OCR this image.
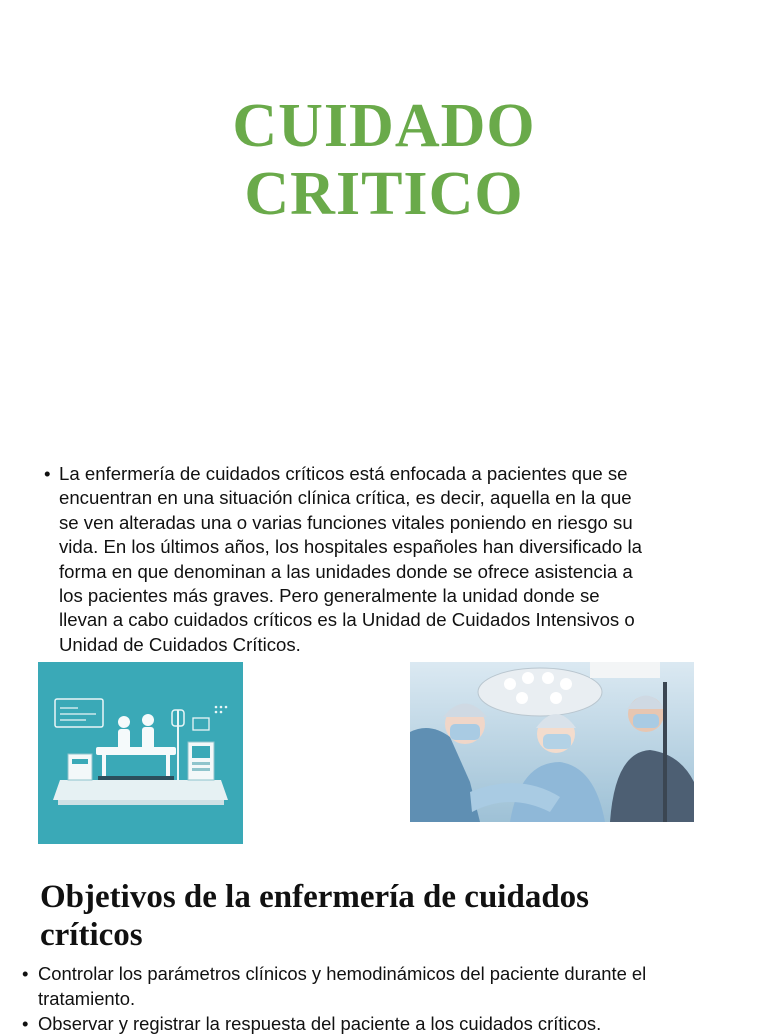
CUIDADO
CRITICO
• La enfermería de cuidados críticos está enfocada a pacientes que se
encuentran en una situación clínica crítica, es decir, aquella en la que
se ven alteradas una o varias funciones vitales poniendo en riesgo su
vida. En los últimos años, los hospitales españoles han diversificado la
forma en que denominan a las unidades donde se ofrece asistencia a
los pacientes más graves. Pero generalmente la unidad donde se
llevan a cabo cuidados críticos es la Unidad de Cuidados Intensivos o
Unidad de Cuidados Críticos.
Objetivos de la enfermería de cuidados
críticos
• Controlar los parámetros clínicos y hemodinámicos del paciente durante el
tratamiento.
• Observar y registrar la respuesta del paciente a los cuidados críticos.
